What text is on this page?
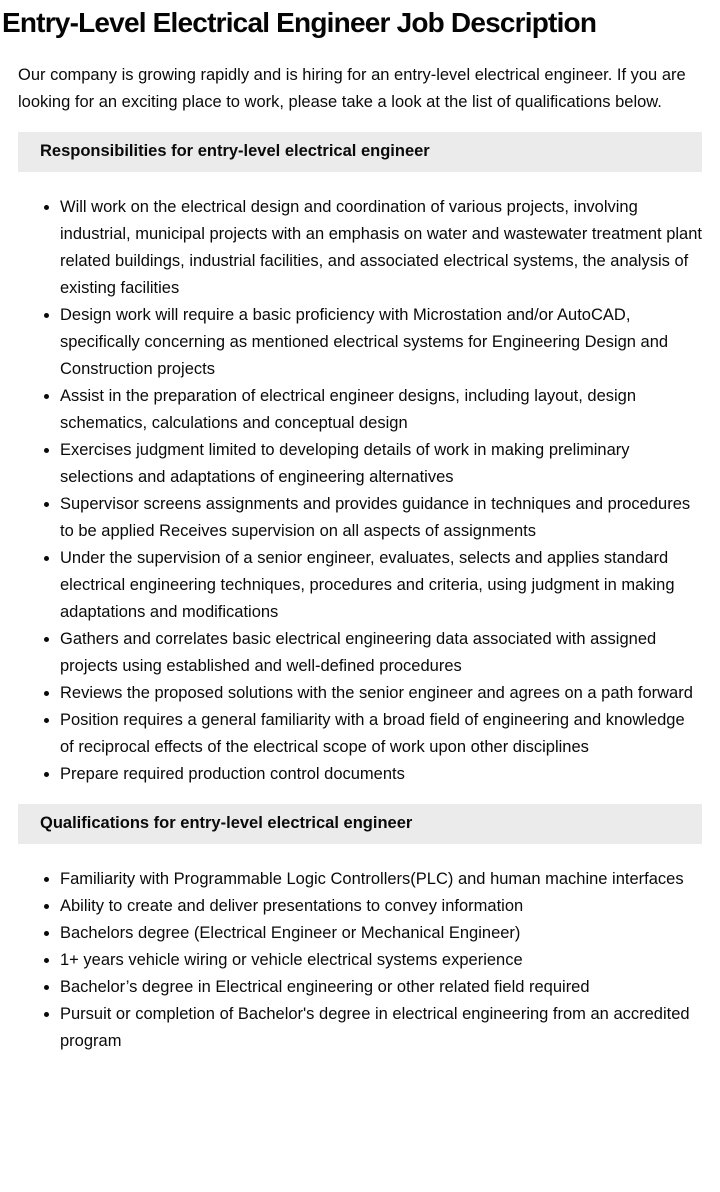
Entry-Level Electrical Engineer Job Description

Our company is growing rapidly and is hiring for an entry-level electrical engineer. If you are looking for an exciting place to work, please take a look at the list of qualifications below.

Responsibilities for entry-level electrical engineer
• Will work on the electrical design and coordination of various projects, involving industrial, municipal projects with an emphasis on water and wastewater treatment plant related buildings, industrial facilities, and associated electrical systems, the analysis of existing facilities
• Design work will require a basic proficiency with Microstation and/or AutoCAD, specifically concerning as mentioned electrical systems for Engineering Design and Construction projects
• Assist in the preparation of electrical engineer designs, including layout, design schematics, calculations and conceptual design
• Exercises judgment limited to developing details of work in making preliminary selections and adaptations of engineering alternatives
• Supervisor screens assignments and provides guidance in techniques and procedures to be applied Receives supervision on all aspects of assignments
• Under the supervision of a senior engineer, evaluates, selects and applies standard electrical engineering techniques, procedures and criteria, using judgment in making adaptations and modifications
• Gathers and correlates basic electrical engineering data associated with assigned projects using established and well-defined procedures
• Reviews the proposed solutions with the senior engineer and agrees on a path forward
• Position requires a general familiarity with a broad field of engineering and knowledge of reciprocal effects of the electrical scope of work upon other disciplines
• Prepare required production control documents
Qualifications for entry-level electrical engineer
• Familiarity with Programmable Logic Controllers(PLC) and human machine interfaces
• Ability to create and deliver presentations to convey information
• Bachelors degree (Electrical Engineer or Mechanical Engineer)
• 1+ years vehicle wiring or vehicle electrical systems experience
• Bachelor’s degree in Electrical engineering or other related field required
• Pursuit or completion of Bachelor's degree in electrical engineering from an accredited program
